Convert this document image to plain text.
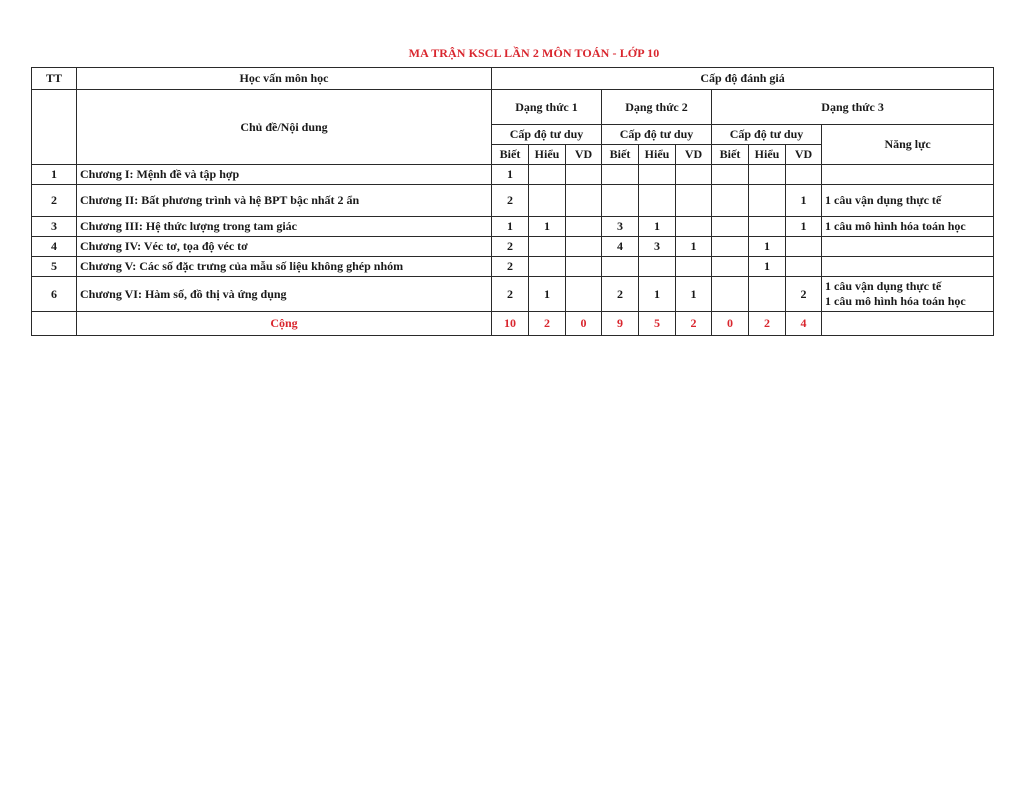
MA TRẬN KSCL LẦN 2 MÔN TOÁN - LỚP 10
TT	Học vấn môn học	Cấp độ đánh giá									
	Chủ đề/Nội dung	Dạng thức 1			Dạng thức 2			Dạng thức 3			
		Cấp độ tư duy			Cấp độ tư duy			Cấp độ tư duy			Năng lực
		Biết	Hiểu	VD	Biết	Hiểu	VD	Biết	Hiểu	VD	
1	Chương I: Mệnh đề và tập hợp	1									
2	Chương II: Bất phương trình và hệ BPT bậc nhất 2 ẩn	2								1	1 câu vận dụng thực tế
3	Chương III: Hệ thức lượng trong tam giác	1	1		3	1				1	1 câu mô hình hóa toán học
4	Chương IV: Véc tơ, tọa độ véc tơ	2			4	3	1		1		
5	Chương V: Các số đặc trưng của mẫu số liệu không ghép nhóm	2							1		
6	Chương VI: Hàm số, đồ thị và ứng dụng	2	1		2	1	1			2	1 câu vận dụng thực tế
1 câu mô hình hóa toán học
	Cộng	10	2	0	9	5	2	0	2	4	
